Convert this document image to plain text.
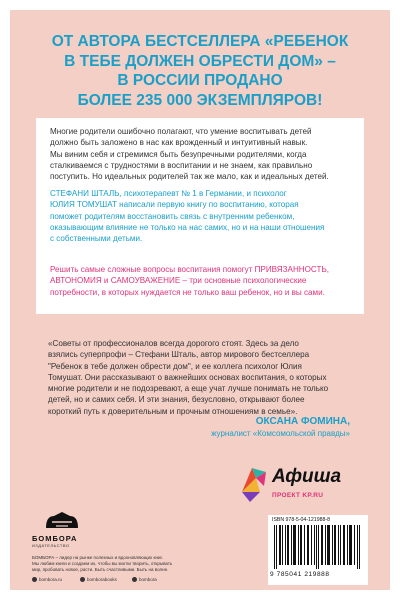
ОТ АВТОРА БЕСТСЕЛЛЕРА «РЕБЕНОК
В ТЕБЕ ДОЛЖЕН ОБРЕСТИ ДОМ» –
В РОССИИ ПРОДАНО
БОЛЕЕ 235 000 ЭКЗЕМПЛЯРОВ!
Многие родители ошибочно полагают, что умение воспитывать детей
должно быть заложено в нас как врожденный и интуитивный навык.
Мы виним себя и стремимся быть безупречными родителями, когда
сталкиваемся с трудностями в воспитании и не знаем, как правильно
поступить. Но идеальных родителей так же мало, как и идеальных детей.
СТЕФАНИ ШТАЛЬ, психотерапевт № 1 в Германии, и психолог
ЮЛИЯ ТОМУШАТ написали первую книгу по воспитанию, которая
поможет родителям восстановить связь с внутренним ребенком,
оказывающим влияние не только на нас самих, но и на наши отношения
с собственными детьми.
Решить самые сложные вопросы воспитания помогут ПРИВЯЗАННОСТЬ,
АВТОНОМИЯ и САМОУВАЖЕНИЕ – три основные психологические
потребности, в которых нуждается не только ваш ребенок, но и вы сами.
«Советы от профессионалов всегда дорогого стоят. Здесь за дело
взялись суперпрофи – Стефани Шталь, автор мирового бестселлера
"Ребенок в тебе должен обрести дом", и ее коллега психолог Юлия
Томушат. Они рассказывают о важнейших основах воспитания, о которых
многие родители и не подозревают, а еще учат лучше понимать не только
детей, но и самих себя. И эти знания, безусловно, открывают более
короткий путь к доверительным и прочным отношениям в семье».
ОКСАНА ФОМИНА,
журналист «Комсомольской правды»
Афиша
ПРОЕКТ KP.RU
БОМБОРА
ИЗДАТЕЛЬСТВО
БОМБОРА – лидер на рынке полезных и вдохновляющих книг.
Мы любим книги и создаем их, чтобы вы могли творить, открывать
мир, пробовать новое, расти. Быть счастливыми. Быть на волне.
bombora.ru	bomborabooks	bombora
ISBN 978-5-04-121988-8
9 785041 219888
